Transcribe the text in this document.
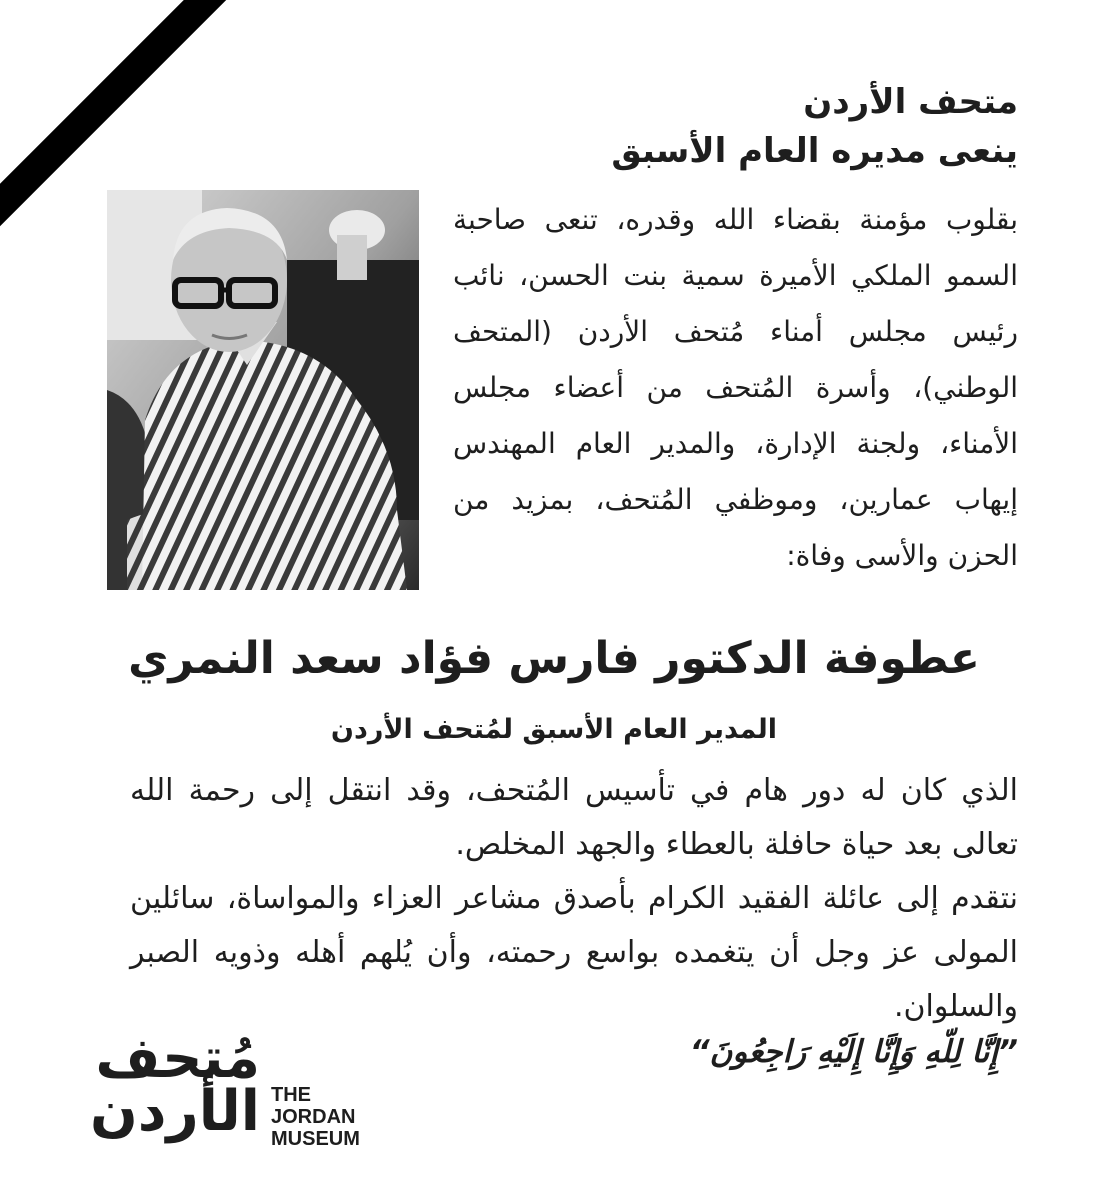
متحف الأردن

ينعى مديره العام الأسبق

بقلوب مؤمنة بقضاء الله وقدره، تنعى صاحبة السمو الملكي الأميرة سمية بنت الحسن، نائب رئيس مجلس أمناء مُتحف الأردن (المتحف الوطني)، وأسرة المُتحف من أعضاء مجلس الأمناء، ولجنة الإدارة، والمدير العام المهندس إيهاب عمارين، وموظفي المُتحف، بمزيد من الحزن والأسى وفاة:

عطوفة الدكتور فارس فؤاد سعد النمري

المدير العام الأسبق لمُتحف الأردن

الذي كان له دور هام في تأسيس المُتحف، وقد انتقل إلى رحمة الله تعالى بعد حياة حافلة بالعطاء والجهد المخلص.

نتقدم إلى عائلة الفقيد الكرام بأصدق مشاعر العزاء والمواساة، سائلين المولى عز وجل أن يتغمده بواسع رحمته، وأن يُلهم أهله وذويه الصبر والسلوان.

”إِنَّا لِلّهِ وَإِنَّا إِلَيْهِ رَاجِعُونَ“

مُتحف
الأردن THE
JORDAN
MUSEUM
